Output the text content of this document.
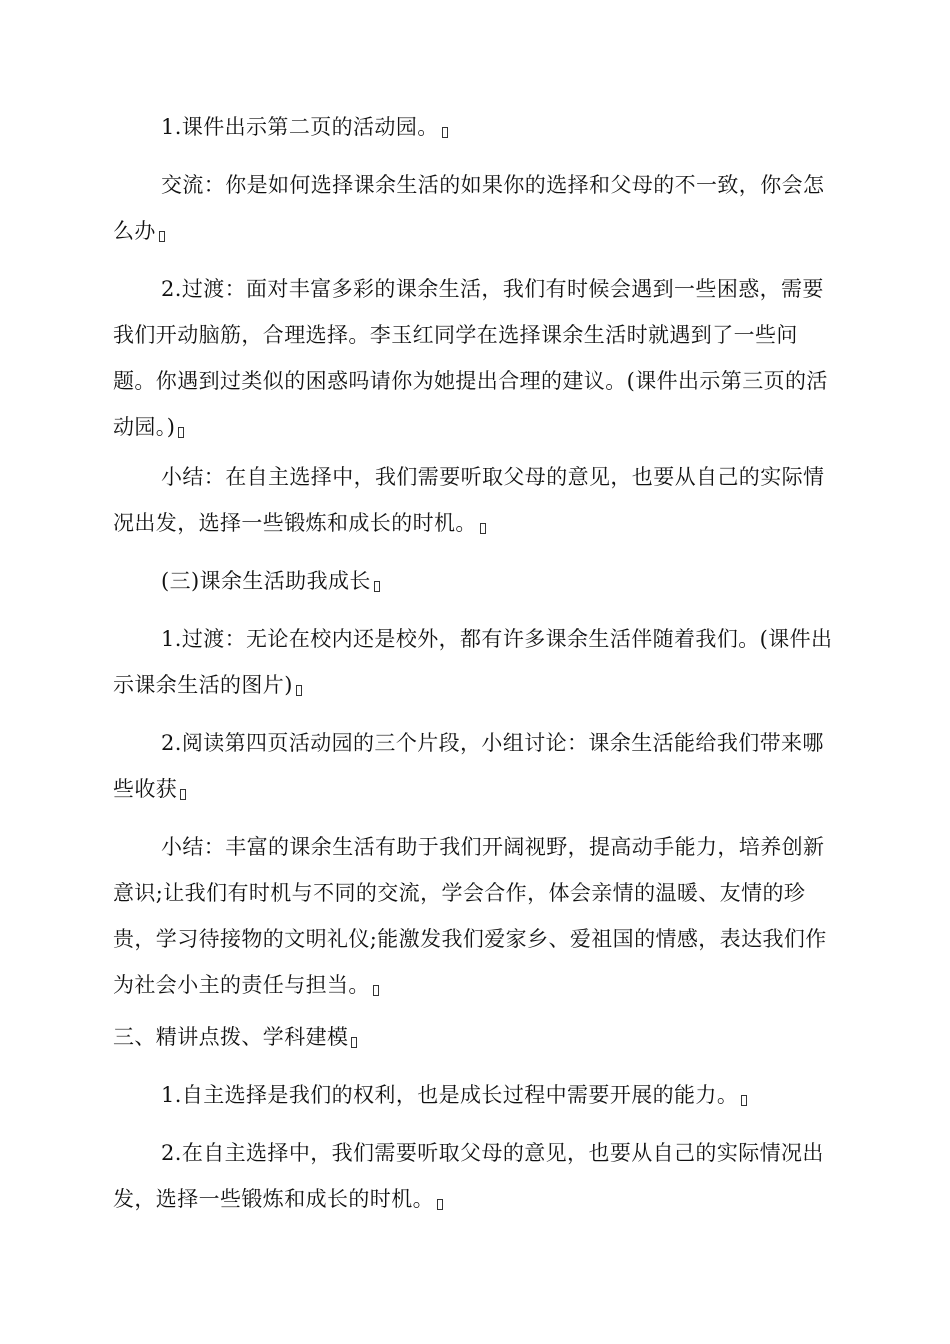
1.课件出示第二页的活动园。

交流：你是如何选择课余生活的如果你的选择和父母的不一致，你会怎么办

2.过渡：面对丰富多彩的课余生活，我们有时候会遇到一些困惑，需要我们开动脑筋，合理选择。李玉红同学在选择课余生活时就遇到了一些问题。你遇到过类似的困惑吗请你为她提出合理的建议。(课件出示第三页的活动园。)

小结：在自主选择中，我们需要听取父母的意见，也要从自己的实际情况出发，选择一些锻炼和成长的时机。

(三)课余生活助我成长

1.过渡：无论在校内还是校外，都有许多课余生活伴随着我们。(课件出示课余生活的图片)

2.阅读第四页活动园的三个片段，小组讨论：课余生活能给我们带来哪些收获

小结：丰富的课余生活有助于我们开阔视野，提高动手能力，培养创新意识;让我们有时机与不同的交流，学会合作，体会亲情的温暖、友情的珍贵，学习待接物的文明礼仪;能激发我们爱家乡、爱祖国的情感，表达我们作为社会小主的责任与担当。

三、精讲点拨、学科建模

1.自主选择是我们的权利，也是成长过程中需要开展的能力。

2.在自主选择中，我们需要听取父母的意见，也要从自己的实际情况出发，选择一些锻炼和成长的时机。
